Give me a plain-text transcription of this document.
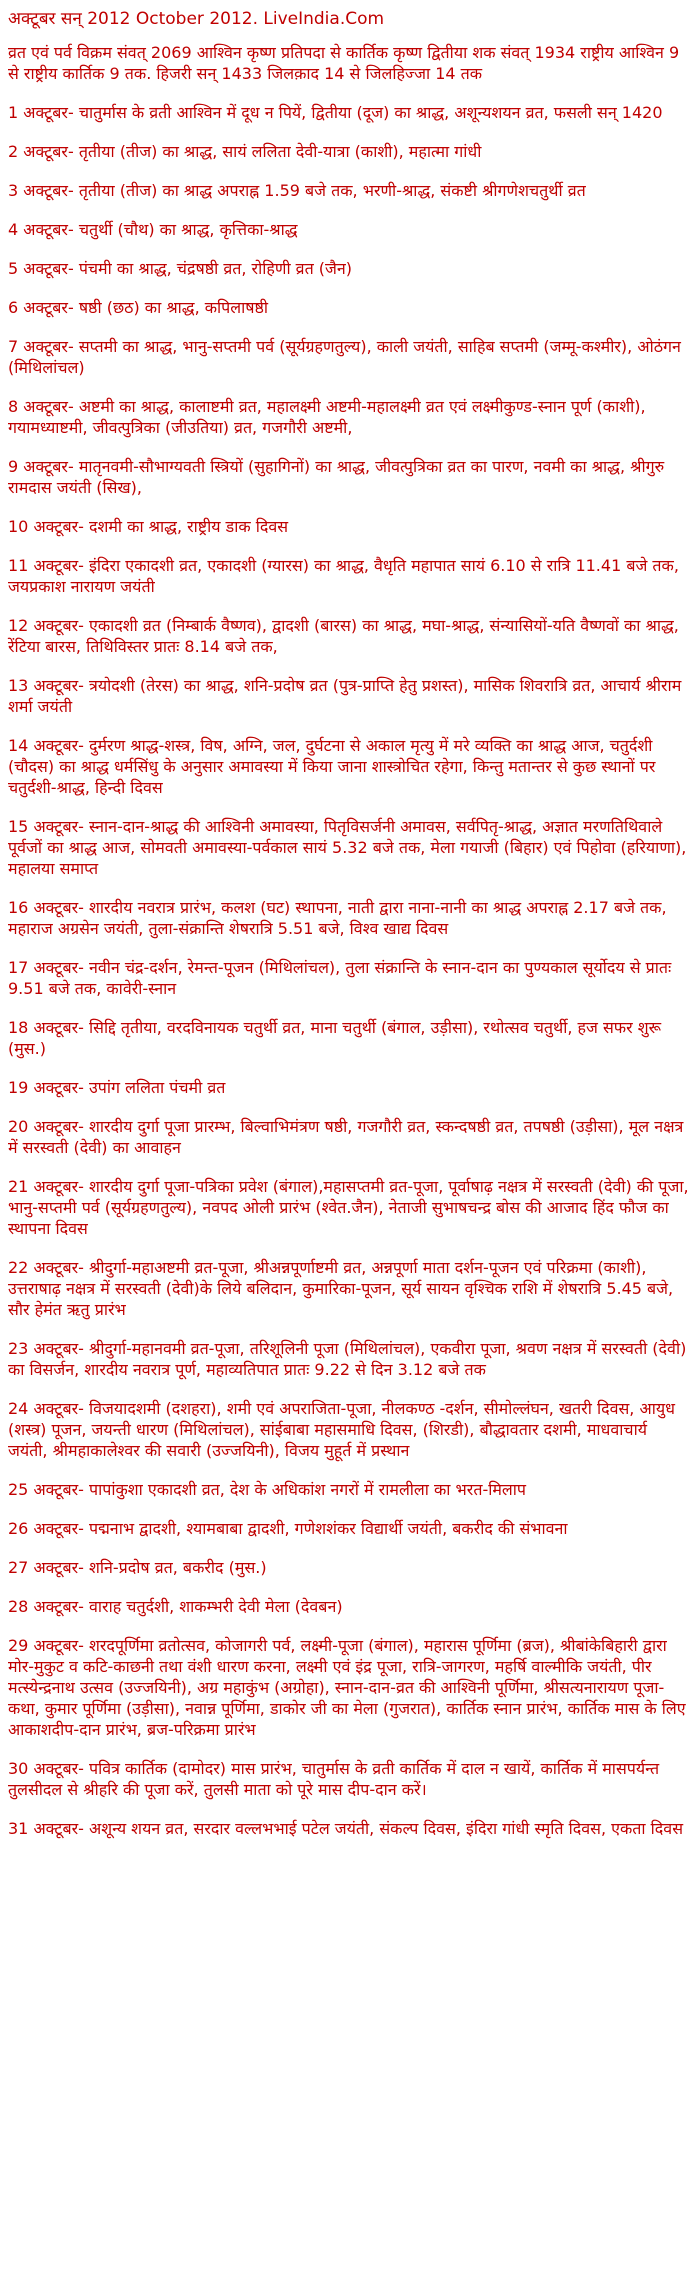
अक्टूबर सन् 2012 October 2012. LiveIndia.Com
व्रत एवं पर्व विक्रम संवत् 2069 आश्विन कृष्ण प्रतिपदा से कार्तिक कृष्ण द्वितीया शक संवत् 1934 राष्ट्रीय आश्विन 9 से राष्ट्रीय कार्तिक 9 तक. हिजरी सन् 1433 जिलक़ाद 14 से जिलहिज्जा 14 तक
1 अक्टूबर- चातुर्मास के व्रती आश्विन में दूध न पियें, द्वितीया (दूज) का श्राद्ध, अशून्यशयन व्रत, फसली सन् 1420
2 अक्टूबर- तृतीया (तीज) का श्राद्ध, सायं ललिता देवी-यात्रा (काशी), महात्मा गांधी
3 अक्टूबर- तृतीया (तीज) का श्राद्ध अपराह्न 1.59 बजे तक, भरणी-श्राद्ध, संकष्टी श्रीगणेशचतुर्थी व्रत
4 अक्टूबर- चतुर्थी (चौथ) का श्राद्ध, कृत्तिका-श्राद्ध
5 अक्टूबर- पंचमी का श्राद्ध, चंद्रषष्ठी व्रत, रोहिणी व्रत (जैन)
6 अक्टूबर- षष्ठी (छठ) का श्राद्ध, कपिलाषष्ठी
7 अक्टूबर- सप्तमी का श्राद्ध, भानु-सप्तमी पर्व (सूर्यग्रहणतुल्य), काली जयंती, साहिब सप्तमी (जम्मू-कश्मीर), ओठंगन (मिथिलांचल)
8 अक्टूबर- अष्टमी का श्राद्ध, कालाष्टमी व्रत, महालक्ष्मी अष्टमी-महालक्ष्मी व्रत एवं लक्ष्मीकुण्ड-स्नान पूर्ण (काशी), गयामध्याष्टमी, जीवत्पुत्रिका (जीउतिया) व्रत, गजगौरी अष्टमी,
9 अक्टूबर- मातृनवमी-सौभाग्यवती स्त्रियों (सुहागिनों) का श्राद्ध, जीवत्पुत्रिका व्रत का पारण, नवमी का श्राद्ध, श्रीगुरु रामदास जयंती (सिख),
10 अक्टूबर- दशमी का श्राद्ध, राष्ट्रीय डाक दिवस
11 अक्टूबर- इंदिरा एकादशी व्रत, एकादशी (ग्यारस) का श्राद्ध, वैधृति महापात सायं 6.10 से रात्रि 11.41 बजे तक, जयप्रकाश नारायण जयंती
12 अक्टूबर- एकादशी व्रत (निम्बार्क वैष्णव), द्वादशी (बारस) का श्राद्ध, मघा-श्राद्ध, संन्यासियों-यति वैष्णवों का श्राद्ध, रेंटिया बारस, तिथिविस्तर प्रातः 8.14 बजे तक,
13 अक्टूबर- त्रयोदशी (तेरस) का श्राद्ध, शनि-प्रदोष व्रत (पुत्र-प्राप्ति हेतु प्रशस्त), मासिक शिवरात्रि व्रत, आचार्य श्रीराम शर्मा जयंती
14 अक्टूबर- दुर्मरण श्राद्ध-शस्त्र, विष, अग्नि, जल, दुर्घटना से अकाल मृत्यु में मरे व्यक्ति का श्राद्ध आज, चतुर्दशी (चौदस) का श्राद्ध धर्मसिंधु के अनुसार अमावस्या में किया जाना शास्त्रोचित रहेगा, किन्तु मतान्तर से कुछ स्थानों पर चतुर्दशी-श्राद्ध, हिन्दी दिवस
15 अक्टूबर- स्नान-दान-श्राद्ध की आश्विनी अमावस्या, पितृविसर्जनी अमावस, सर्वपितृ-श्राद्ध, अज्ञात मरणतिथिवाले पूर्वजों का श्राद्ध आज, सोमवती अमावस्या-पर्वकाल सायं 5.32 बजे तक, मेला गयाजी (बिहार) एवं पिहोवा (हरियाणा), महालया समाप्त
16 अक्टूबर- शारदीय नवरात्र प्रारंभ, कलश (घट) स्थापना, नाती द्वारा नाना-नानी का श्राद्ध अपराह्न 2.17 बजे तक, महाराज अग्रसेन जयंती, तुला-संक्रान्ति शेषरात्रि 5.51 बजे, विश्व खाद्य दिवस
17 अक्टूबर- नवीन चंद्र-दर्शन, रेमन्त-पूजन (मिथिलांचल), तुला संक्रान्ति के स्नान-दान का पुण्यकाल सूर्योदय से प्रातः 9.51 बजे तक, कावेरी-स्नान
18 अक्टूबर- सिद्दि तृतीया, वरदविनायक चतुर्थी व्रत, माना चतुर्थी (बंगाल, उड़ीसा), रथोत्सव चतुर्थी, हज सफर शुरू (मुस.)
19 अक्टूबर- उपांग ललिता पंचमी व्रत
20 अक्टूबर- शारदीय दुर्गा पूजा प्रारम्भ, बिल्वाभिमंत्रण षष्ठी, गजगौरी व्रत, स्कन्दषष्ठी व्रत, तपषष्ठी (उड़ीसा), मूल नक्षत्र में सरस्वती (देवी) का आवाहन
21 अक्टूबर- शारदीय दुर्गा पूजा-पत्रिका प्रवेश (बंगाल),महासप्तमी व्रत-पूजा, पूर्वाषाढ़ नक्षत्र में सरस्वती (देवी) की पूजा, भानु-सप्तमी पर्व (सूर्यग्रहणतुल्य), नवपद ओली प्रारंभ (श्वेत.जैन), नेताजी सुभाषचन्द्र बोस की आजाद हिंद फौज का स्थापना दिवस
22 अक्टूबर- श्रीदुर्गा-महाअष्टमी व्रत-पूजा, श्रीअन्नपूर्णाष्टमी व्रत, अन्नपूर्णा माता दर्शन-पूजन एवं परिक्रमा (काशी), उत्तराषाढ़ नक्षत्र में सरस्वती (देवी)के लिये बलिदान, कुमारिका-पूजन, सूर्य सायन वृश्चिक राशि में शेषरात्रि 5.45 बजे, सौर हेमंत ऋतु प्रारंभ
23 अक्टूबर- श्रीदुर्गा-महानवमी व्रत-पूजा, तरिशूलिनी पूजा (मिथिलांचल), एकवीरा पूजा, श्रवण नक्षत्र में सरस्वती (देवी) का विसर्जन, शारदीय नवरात्र पूर्ण, महाव्यतिपात प्रातः 9.22 से दिन 3.12 बजे तक
24 अक्टूबर- विजयादशमी (दशहरा), शमी एवं अपराजिता-पूजा, नीलकण्ठ -दर्शन, सीमोल्लंघन, खतरी दिवस, आयुध (शस्त्र) पूजन, जयन्ती धारण (मिथिलांचल), सांईबाबा महासमाधि दिवस, (शिरडी), बौद्धावतार दशमी, माधवाचार्य जयंती, श्रीमहाकालेश्वर की सवारी (उज्जयिनी), विजय मुहूर्त में प्रस्थान
25 अक्टूबर- पापांकुशा एकादशी व्रत, देश के अधिकांश नगरों में रामलीला का भरत-मिलाप
26 अक्टूबर- पद्मनाभ द्वादशी, श्यामबाबा द्वादशी, गणेशशंकर विद्यार्थी जयंती, बकरीद की संभावना
27 अक्टूबर- शनि-प्रदोष व्रत, बकरीद (मुस.)
28 अक्टूबर- वाराह चतुर्दशी, शाकम्भरी देवी मेला (देवबन)
29 अक्टूबर- शरदपूर्णिमा व्रतोत्सव, कोजागरी पर्व, लक्ष्मी-पूजा (बंगाल), महारास पूर्णिमा (ब्रज), श्रीबांकेबिहारी द्वारा मोर-मुकुट व कटि-काछनी तथा वंशी धारण करना, लक्ष्मी एवं इंद्र पूजा, रात्रि-जागरण, महर्षि वाल्मीकि जयंती, पीर मत्स्येन्द्रनाथ उत्सव (उज्जयिनी), अग्र महाकुंभ (अग्रोहा), स्नान-दान-व्रत की आश्विनी पूर्णिमा, श्रीसत्यनारायण पूजा-कथा, कुमार पूर्णिमा (उड़ीसा), नवान्न पूर्णिमा, डाकोर जी का मेला (गुजरात), कार्तिक स्नान प्रारंभ, कार्तिक मास के लिए आकाशदीप-दान प्रारंभ, ब्रज-परिक्रमा प्रारंभ
30 अक्टूबर- पवित्र कार्तिक (दामोदर) मास प्रारंभ, चातुर्मास के व्रती कार्तिक में दाल न खायें, कार्तिक में मासपर्यन्त तुलसीदल से श्रीहरि की पूजा करें, तुलसी माता को पूरे मास दीप-दान करें।
31 अक्टूबर- अशून्य शयन व्रत, सरदार वल्लभभाई पटेल जयंती, संकल्प दिवस, इंदिरा गांधी स्मृति दिवस, एकता दिवस
